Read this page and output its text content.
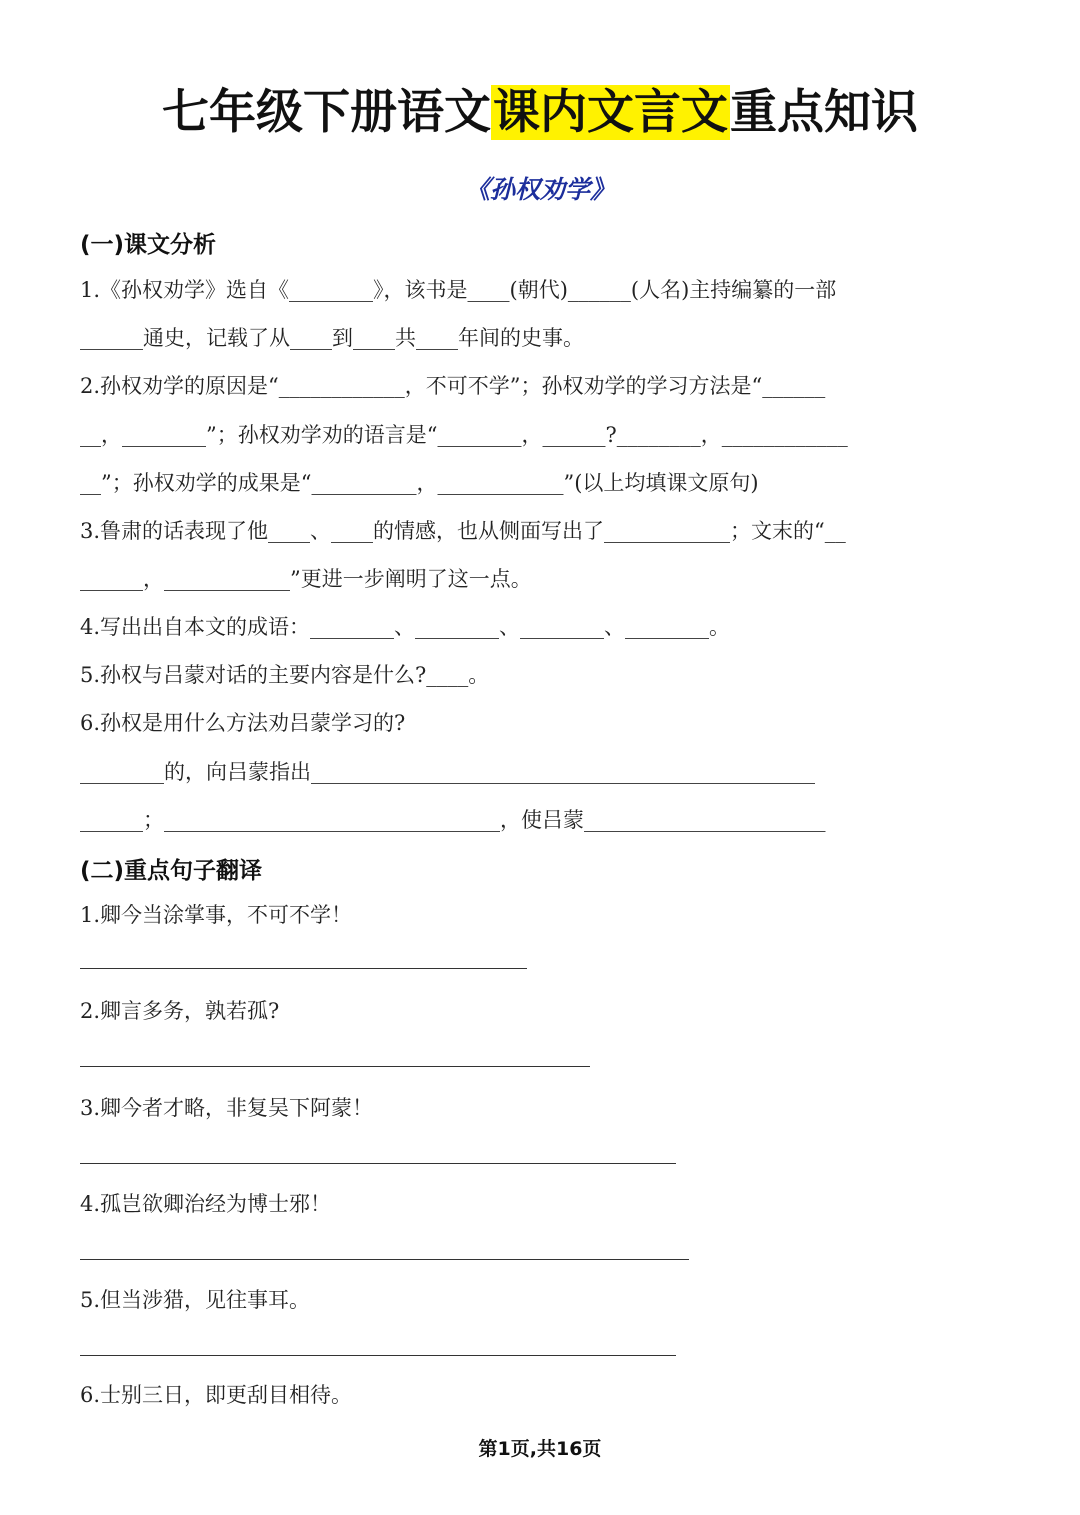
七年级下册语文课内文言文重点知识
《孙权劝学》
(一)课文分析
1.《孙权劝学》选自《________》，该书是____(朝代)______(人名)主持编纂的一部
______通史，记载了从____到____共____年间的史事。
2.孙权劝学的原因是“____________，不可不学”；孙权劝学的学习方法是“______
__，________”；孙权劝学劝的语言是“________，______?________，____________
__”；孙权劝学的成果是“__________，____________”(以上均填课文原句)
3.鲁肃的话表现了他____、____的情感，也从侧面写出了____________；文末的“__
______，____________”更进一步阐明了这一点。
4.写出出自本文的成语：________、________、________、________。
5.孙权与吕蒙对话的主要内容是什么?____。
6.孙权是用什么方法劝吕蒙学习的?
________的，向吕蒙指出________________________________________________
______；________________________________，使吕蒙_______________________
(二)重点句子翻译
1.卿今当涂掌事，不可不学！
2.卿言多务，孰若孤?
3.卿今者才略，非复吴下阿蒙！
4.孤岂欲卿治经为博士邪！
5.但当涉猎，见往事耳。
6.士别三日，即更刮目相待。
第1页,共16页
